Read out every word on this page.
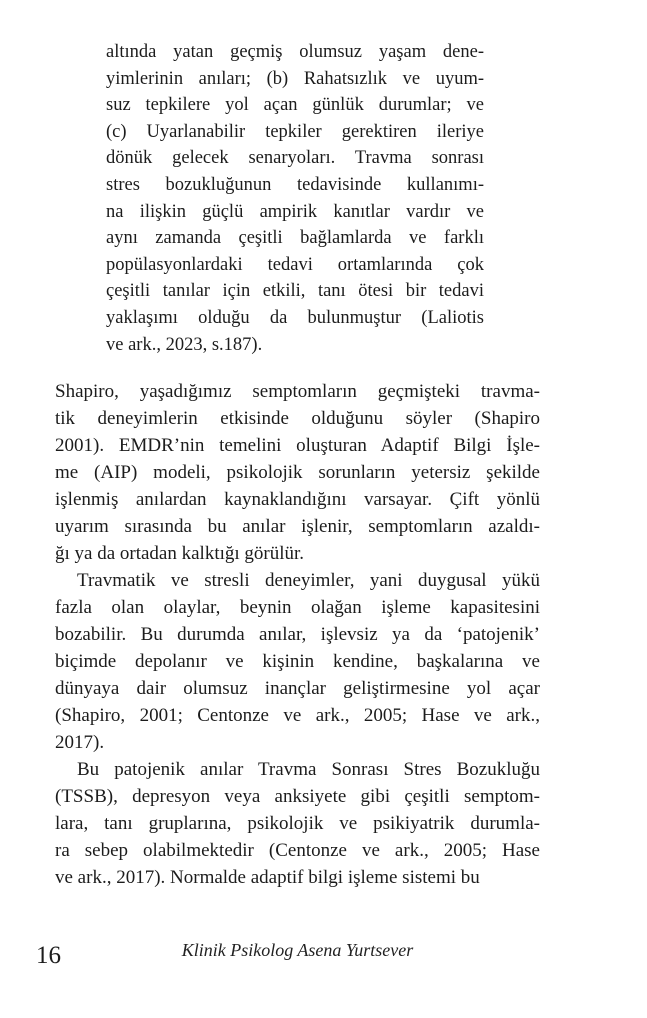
altında yatan geçmiş olumsuz yaşam dene-
yimlerinin anıları; (b) Rahatsızlık ve uyum-
suz tepkilere yol açan günlük durumlar; ve
(c) Uyarlanabilir tepkiler gerektiren ileriye
dönük gelecek senaryoları. Travma sonrası
stres bozukluğunun tedavisinde kullanımı-
na ilişkin güçlü ampirik kanıtlar vardır ve
aynı zamanda çeşitli bağlamlarda ve farklı
popülasyonlardaki tedavi ortamlarında çok
çeşitli tanılar için etkili, tanı ötesi bir tedavi
yaklaşımı olduğu da bulunmuştur (Laliotis
ve ark., 2023, s.187).
Shapiro, yaşadığımız semptomların geçmişteki travma-
tik deneyimlerin etkisinde olduğunu söyler (Shapiro
2001). EMDR’nin temelini oluşturan Adaptif Bilgi İşle-
me (AIP) modeli, psikolojik sorunların yetersiz şekilde
işlenmiş anılardan kaynaklandığını varsayar. Çift yönlü
uyarım sırasında bu anılar işlenir, semptomların azaldı-
ğı ya da ortadan kalktığı görülür.
Travmatik ve stresli deneyimler, yani duygusal yükü
fazla olan olaylar, beynin olağan işleme kapasitesini
bozabilir. Bu durumda anılar, işlevsiz ya da ‘patojenik’
biçimde depolanır ve kişinin kendine, başkalarına ve
dünyaya dair olumsuz inançlar geliştirmesine yol açar
(Shapiro, 2001; Centonze ve ark., 2005; Hase ve ark.,
2017).
Bu patojenik anılar Travma Sonrası Stres Bozukluğu
(TSSB), depresyon veya anksiyete gibi çeşitli semptom-
lara, tanı gruplarına, psikolojik ve psikiyatrik durumla-
ra sebep olabilmektedir (Centonze ve ark., 2005; Hase
ve ark., 2017). Normalde adaptif bilgi işleme sistemi bu
Klinik Psikolog Asena Yurtsever
16
